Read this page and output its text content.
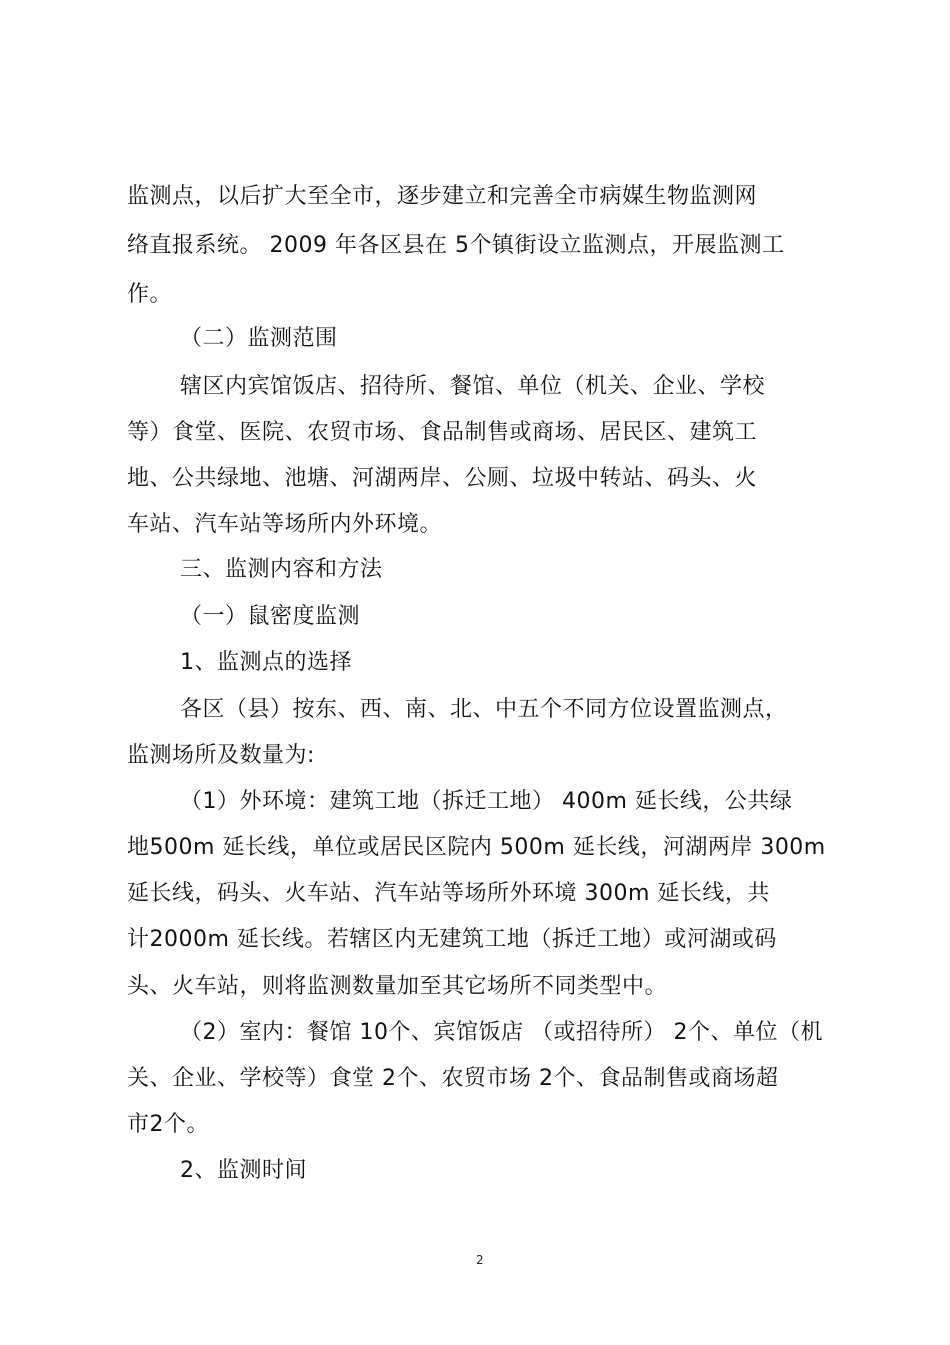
监测点，以后扩大至全市，逐步建立和完善全市病媒生物监测网
络直报系统。 2009 年各区县在 5个镇街设立监测点，开展监测工
作。
（二）监测范围
辖区内宾馆饭店、招待所、餐馆、单位（机关、企业、学校
等）食堂、医院、农贸市场、食品制售或商场、居民区、建筑工
地、公共绿地、池塘、河湖两岸、公厕、垃圾中转站、码头、火
车站、汽车站等场所内外环境。
三、监测内容和方法
（一）鼠密度监测
1、监测点的选择
各区（县）按东、西、南、北、中五个不同方位设置监测点，
监测场所及数量为:
（1）外环境：建筑工地（拆迁工地） 400m 延长线，公共绿
地500m 延长线，单位或居民区院内 500m 延长线，河湖两岸 300m
延长线，码头、火车站、汽车站等场所外环境 300m 延长线，共
计2000m 延长线。若辖区内无建筑工地（拆迁工地）或河湖或码
头、火车站，则将监测数量加至其它场所不同类型中。
（2）室内：餐馆 10个、宾馆饭店 （或招待所） 2个、单位（机
关、企业、学校等）食堂 2个、农贸市场 2个、食品制售或商场超
市2个。
2、监测时间
2
